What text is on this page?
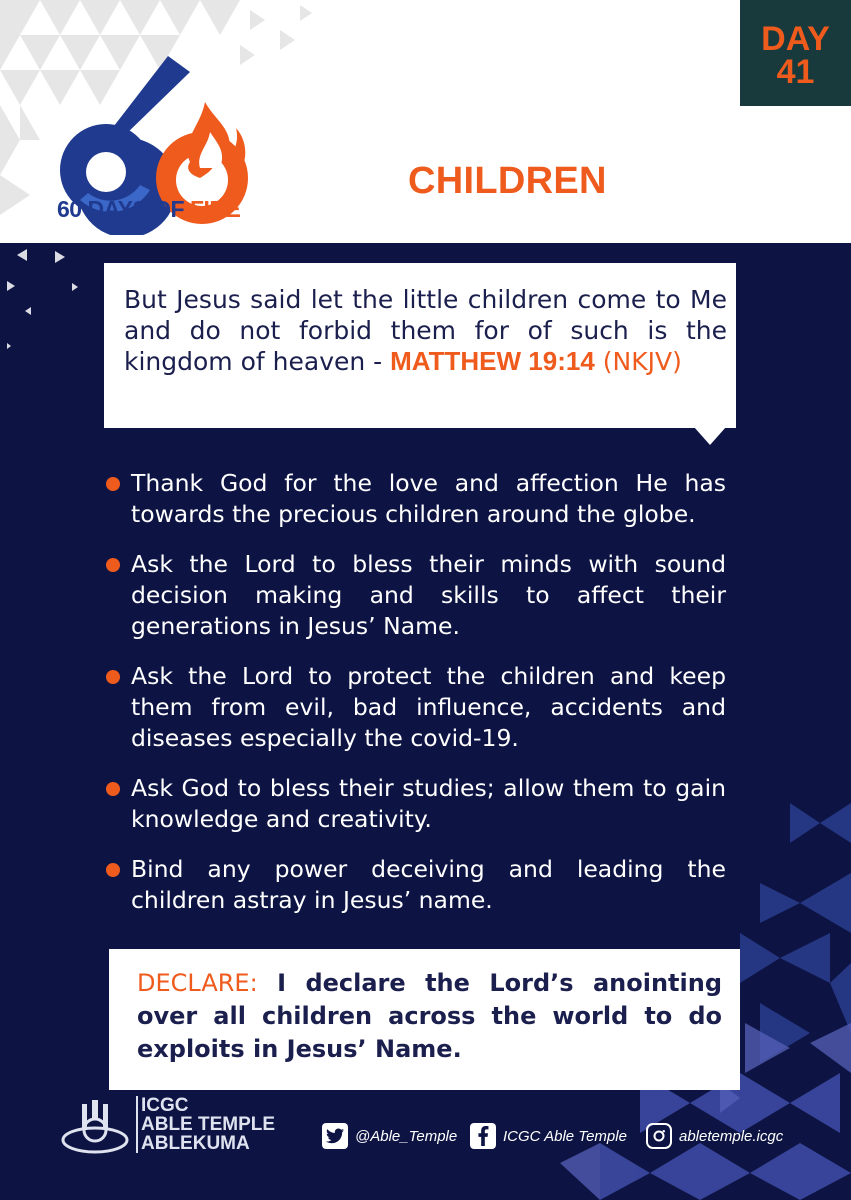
60 DAYS OF FIRE
DAY
41
CHILDREN

But Jesus said let the little children come to Me and do not forbid them for of such is the kingdom of heaven - MATTHEW 19:14 (NKJV)

Thank God for the love and affection He has towards the precious children around the globe.
Ask the Lord to bless their minds with sound decision making and skills to affect their generations in Jesus’ Name.
Ask the Lord to protect the children and keep them from evil, bad influence, accidents and diseases especially the covid-19.
Ask God to bless their studies; allow them to gain knowledge and creativity.
Bind any power deceiving and leading the children astray in Jesus’ name.

DECLARE: I declare the Lord’s anointing over all children across the world to do exploits in Jesus’ Name.

ICGC
ABLE TEMPLE
ABLEKUMA	@Able_Temple	ICGC Able Temple	abletemple.icgc
